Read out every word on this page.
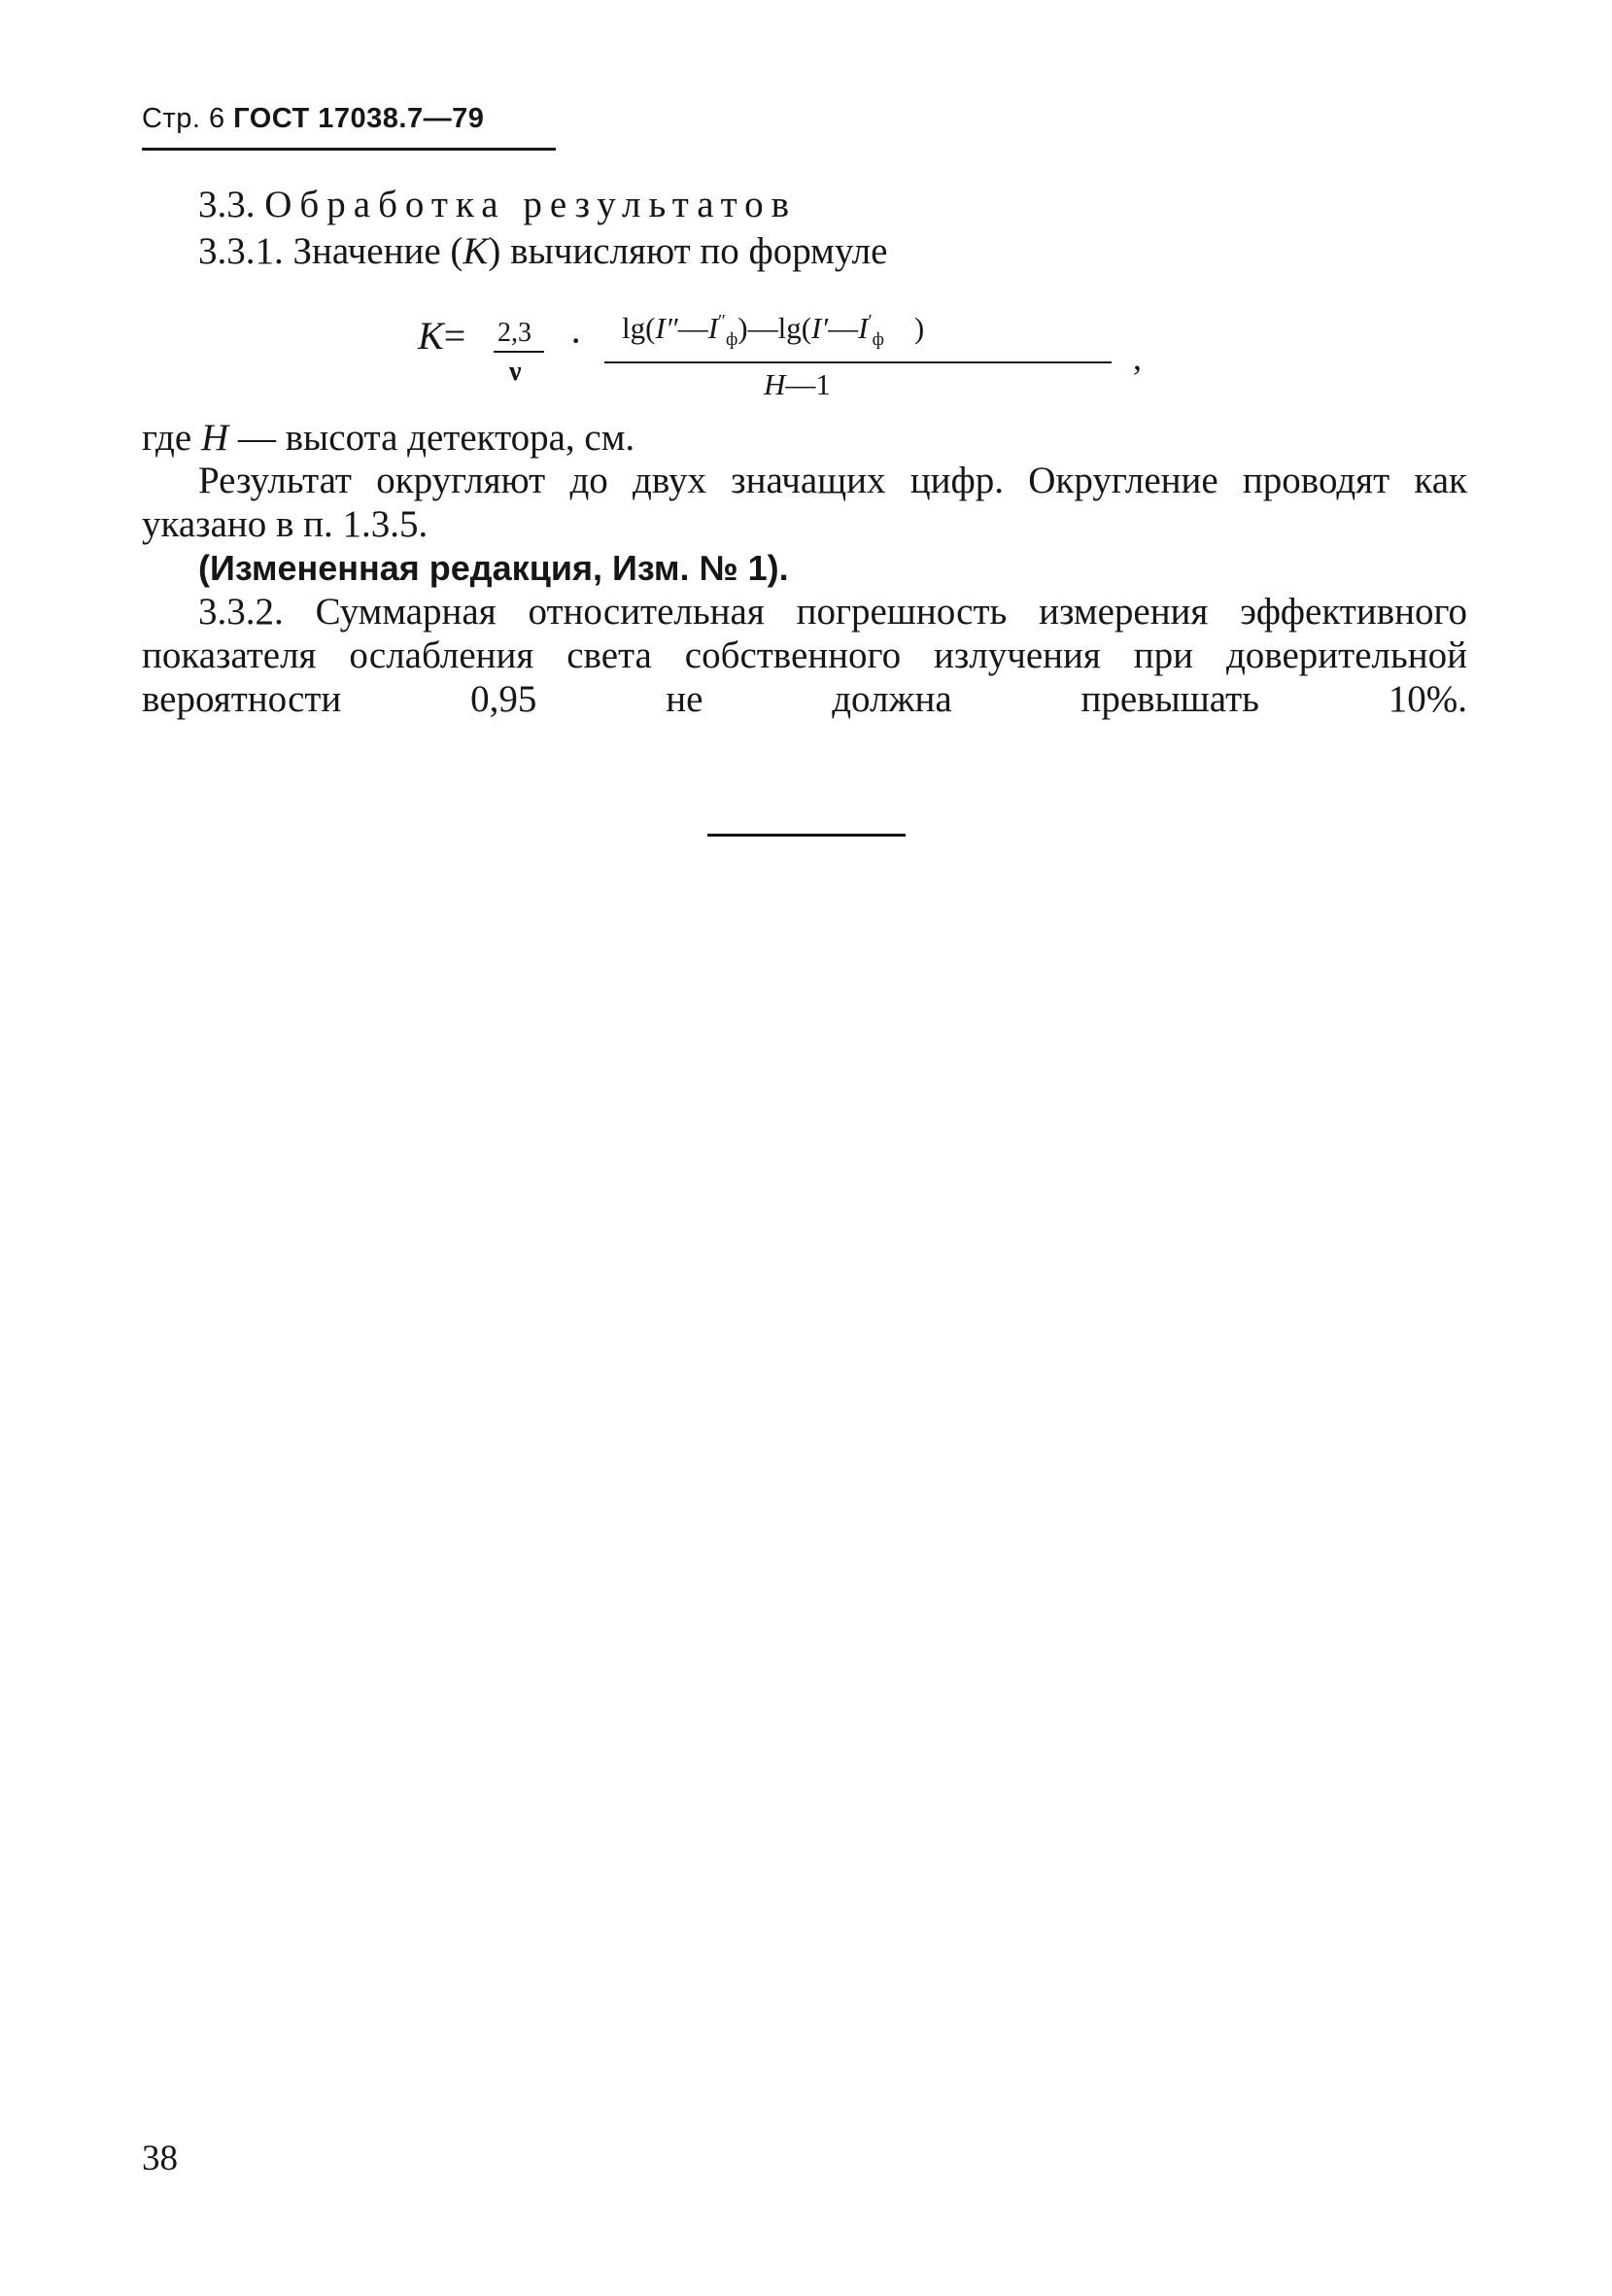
Стр. 6 ГОСТ 17038.7—79
3.3. Обработка результатов
3.3.1. Значение (K) вычисляют по формуле
K= 2,3
ν
· $\lg(I''—I''_ф)—\lg(I'—I'_ф$  )
H—1
,
где H — высота детектора, см.
Результат округляют до двух значащих цифр. Округление проводят как указано в п. 1.3.5.
(Измененная редакция, Изм. № 1).
3.3.2. Суммарная относительная погрешность измерения эффективного показателя ослабления света собственного излучения при доверительной вероятности 0,95 не должна превышать 10%.
38
